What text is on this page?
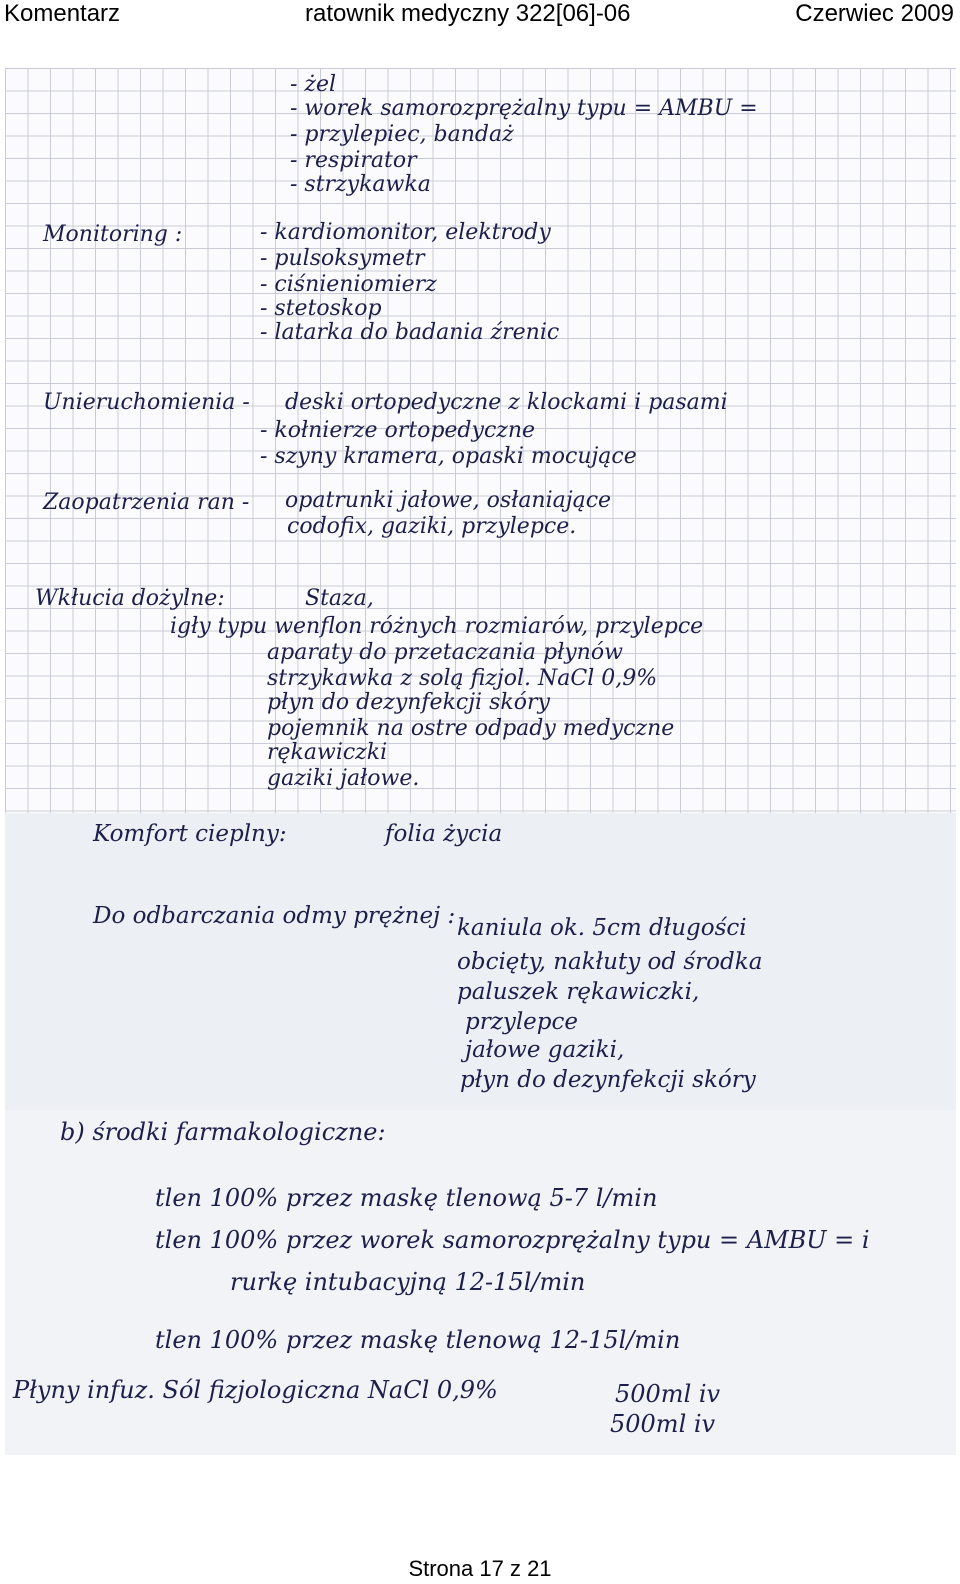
Komentarz	ratownik medyczny 322[06]-06	Czerwiec 2009
- żel
- worek samorozprężalny typu = AMBU =
- przylepiec, bandaż
- respirator
- strzykawka
Monitoring :	- kardiomonitor, elektrody
- pulsoksymetr
- ciśnieniomierz
- stetoskop
- latarka do badania źrenic
Unieruchomienia - deski ortopedyczne z klockami i pasami
- kołnierze ortopedyczne
- szyny kramera, opaski mocujące
Zaopatrzenia ran - opatrunki jałowe, osłaniające
codofix, gaziki, przylepce.
Wkłucia dożylne:	Staza,
igły typu wenflon różnych rozmiarów, przylepce
aparaty do przetaczania płynów
strzykawka z solą fizjol. NaCl 0,9%
płyn do dezynfekcji skóry
pojemnik na ostre odpady medyczne
rękawiczki
gaziki jałowe.
Komfort cieplny:	folia życia
Do odbarczania odmy prężnej : kaniula ok. 5cm długości
obcięty, nakłuty od środka
paluszek rękawiczki,
przylepce
jałowe gaziki,
płyn do dezynfekcji skóry
b) środki farmakologiczne:
tlen 100% przez maskę tlenową 5-7 l/min
tlen 100% przez worek samorozprężalny typu = AMBU = i
rurkę intubacyjną 12-15l/min
tlen 100% przez maskę tlenową 12-15l/min
Płyny infuz. Sól fizjologiczna NaCl 0,9%	500ml iv
500ml iv
Strona 17 z 21
